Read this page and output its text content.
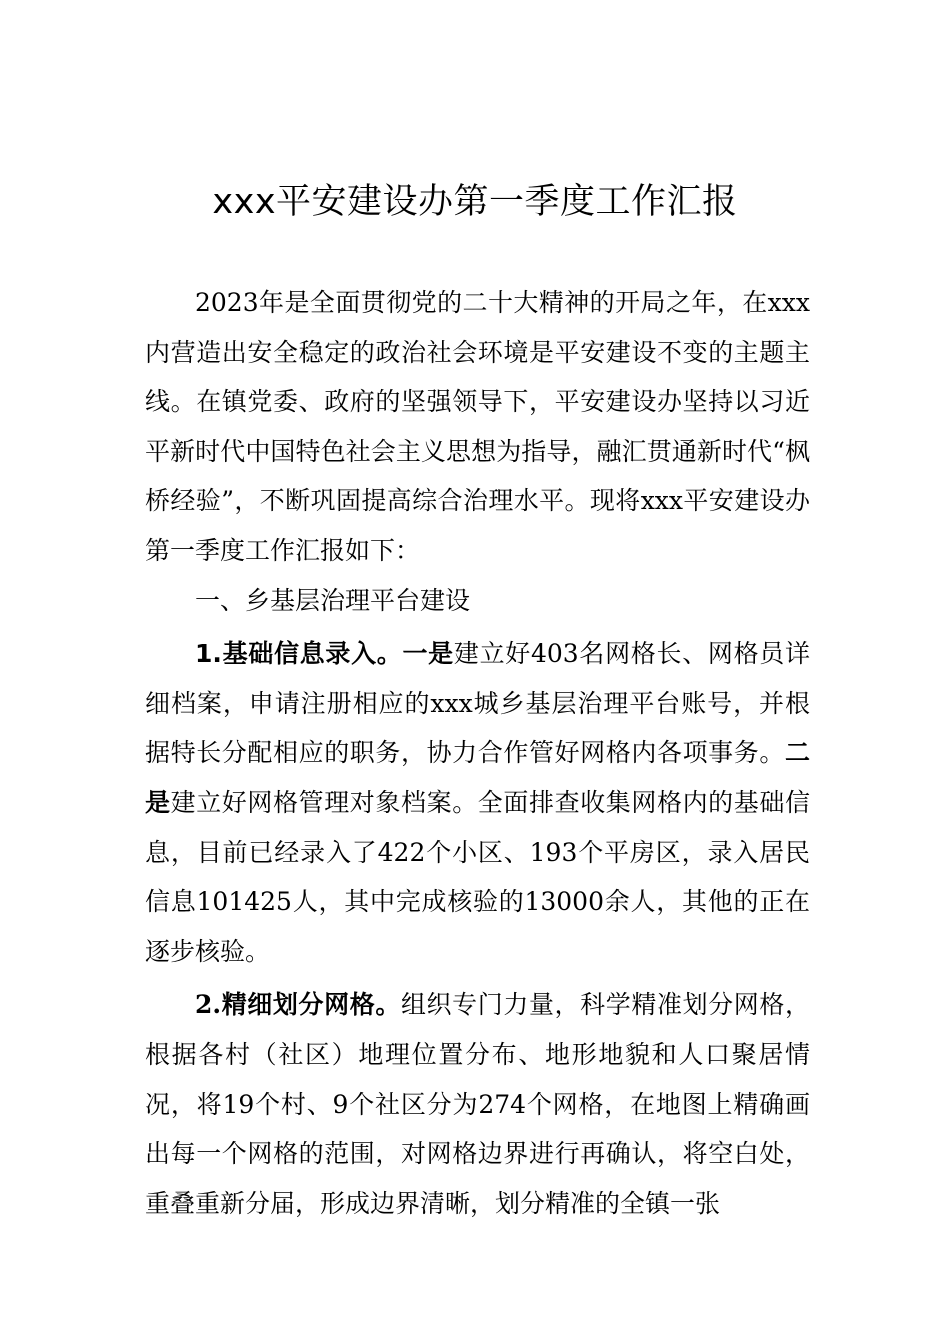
xxx平安建设办第一季度工作汇报

2023年是全面贯彻党的二十大精神的开局之年，在xxx内营造出安全稳定的政治社会环境是平安建设不变的主题主线。在镇党委、政府的坚强领导下，平安建设办坚持以习近平新时代中国特色社会主义思想为指导，融汇贯通新时代“枫桥经验”，不断巩固提高综合治理水平。现将xxx平安建设办第一季度工作汇报如下：

一、乡基层治理平台建设

1.基础信息录入。一是建立好403名网格长、网格员详细档案，申请注册相应的xxx城乡基层治理平台账号，并根据特长分配相应的职务，协力合作管好网格内各项事务。二是建立好网格管理对象档案。全面排查收集网格内的基础信息，目前已经录入了422个小区、193个平房区，录入居民信息101425人，其中完成核验的13000余人，其他的正在逐步核验。

2.精细划分网格。组织专门力量，科学精准划分网格，根据各村（社区）地理位置分布、地形地貌和人口聚居情况，将19个村、9个社区分为274个网格，在地图上精确画出每一个网格的范围，对网格边界进行再确认，将空白处，重叠重新分届，形成边界清晰，划分精准的全镇一张
